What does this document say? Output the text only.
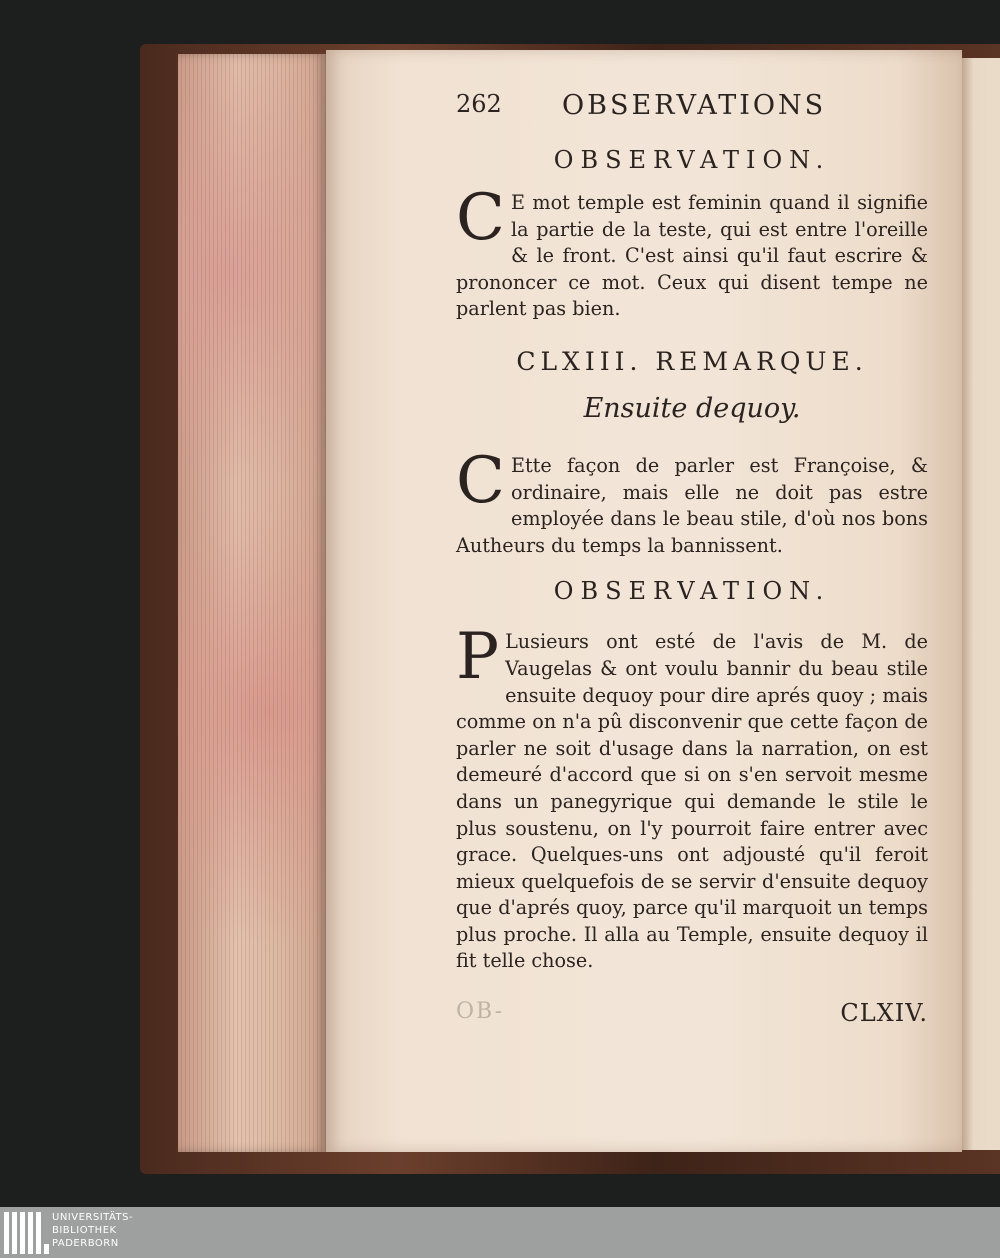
262 OBSERVATIONS
OBSERVATION.

C E mot temple est feminin quand il signifie la partie de la teste, qui est entre l'oreille & le front. C'est ainsi qu'il faut escrire & prononcer ce mot. Ceux qui disent tempe ne parlent pas bien.

CLXIII. REMARQUE.
Ensuite dequoy.

C Ette façon de parler est Françoise, & ordinaire, mais elle ne doit pas estre employée dans le beau stile, d'où nos bons Autheurs du temps la bannissent.

OBSERVATION.

P Lusieurs ont esté de l'avis de M. de Vaugelas & ont voulu bannir du beau stile ensuite dequoy pour dire aprés quoy ; mais comme on n'a pû disconvenir que cette façon de parler ne soit d'usage dans la narration, on est demeuré d'accord que si on s'en servoit mesme dans un panegyrique qui demande le stile le plus soustenu, on l'y pourroit faire entrer avec grace. Quelques-uns ont adjousté qu'il feroit mieux quelquefois de se servir d'ensuite dequoy que d'aprés quoy, parce qu'il marquoit un temps plus proche. Il alla au Temple, ensuite dequoy il fit telle chose.

OB-	CLXIV.
UNIVERSITÄTS-
BIBLIOTHEK
PADERBORN
